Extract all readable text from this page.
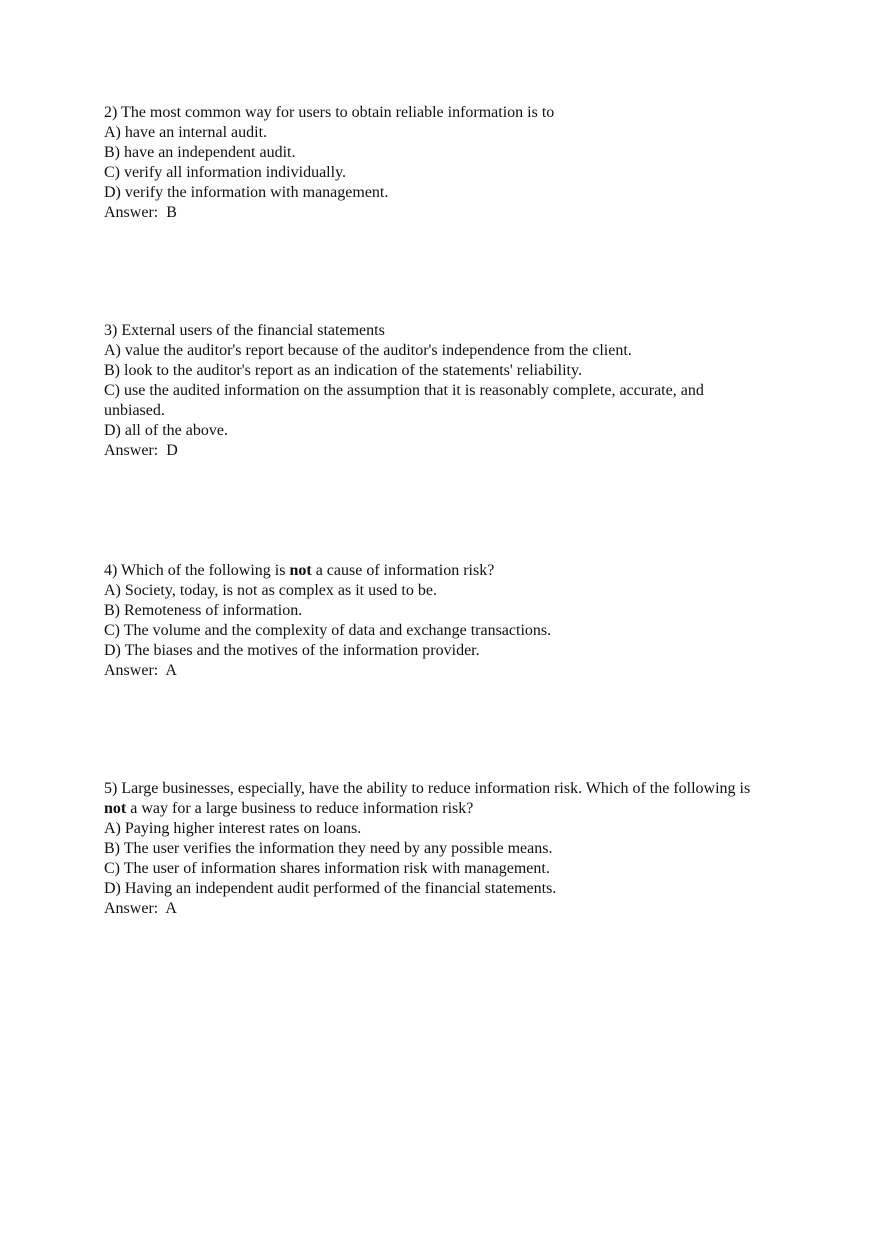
2) The most common way for users to obtain reliable information is to
A) have an internal audit.
B) have an independent audit.
C) verify all information individually.
D) verify the information with management.
Answer:  B
3) External users of the financial statements
A) value the auditor's report because of the auditor's independence from the client.
B) look to the auditor's report as an indication of the statements' reliability.
C) use the audited information on the assumption that it is reasonably complete, accurate, and unbiased.
D) all of the above.
Answer:  D
4) Which of the following is not a cause of information risk?
A) Society, today, is not as complex as it used to be.
B) Remoteness of information.
C) The volume and the complexity of data and exchange transactions.
D) The biases and the motives of the information provider.
Answer:  A
5) Large businesses, especially, have the ability to reduce information risk. Which of the following is not a way for a large business to reduce information risk?
A) Paying higher interest rates on loans.
B) The user verifies the information they need by any possible means.
C) The user of information shares information risk with management.
D) Having an independent audit performed of the financial statements.
Answer:  A
